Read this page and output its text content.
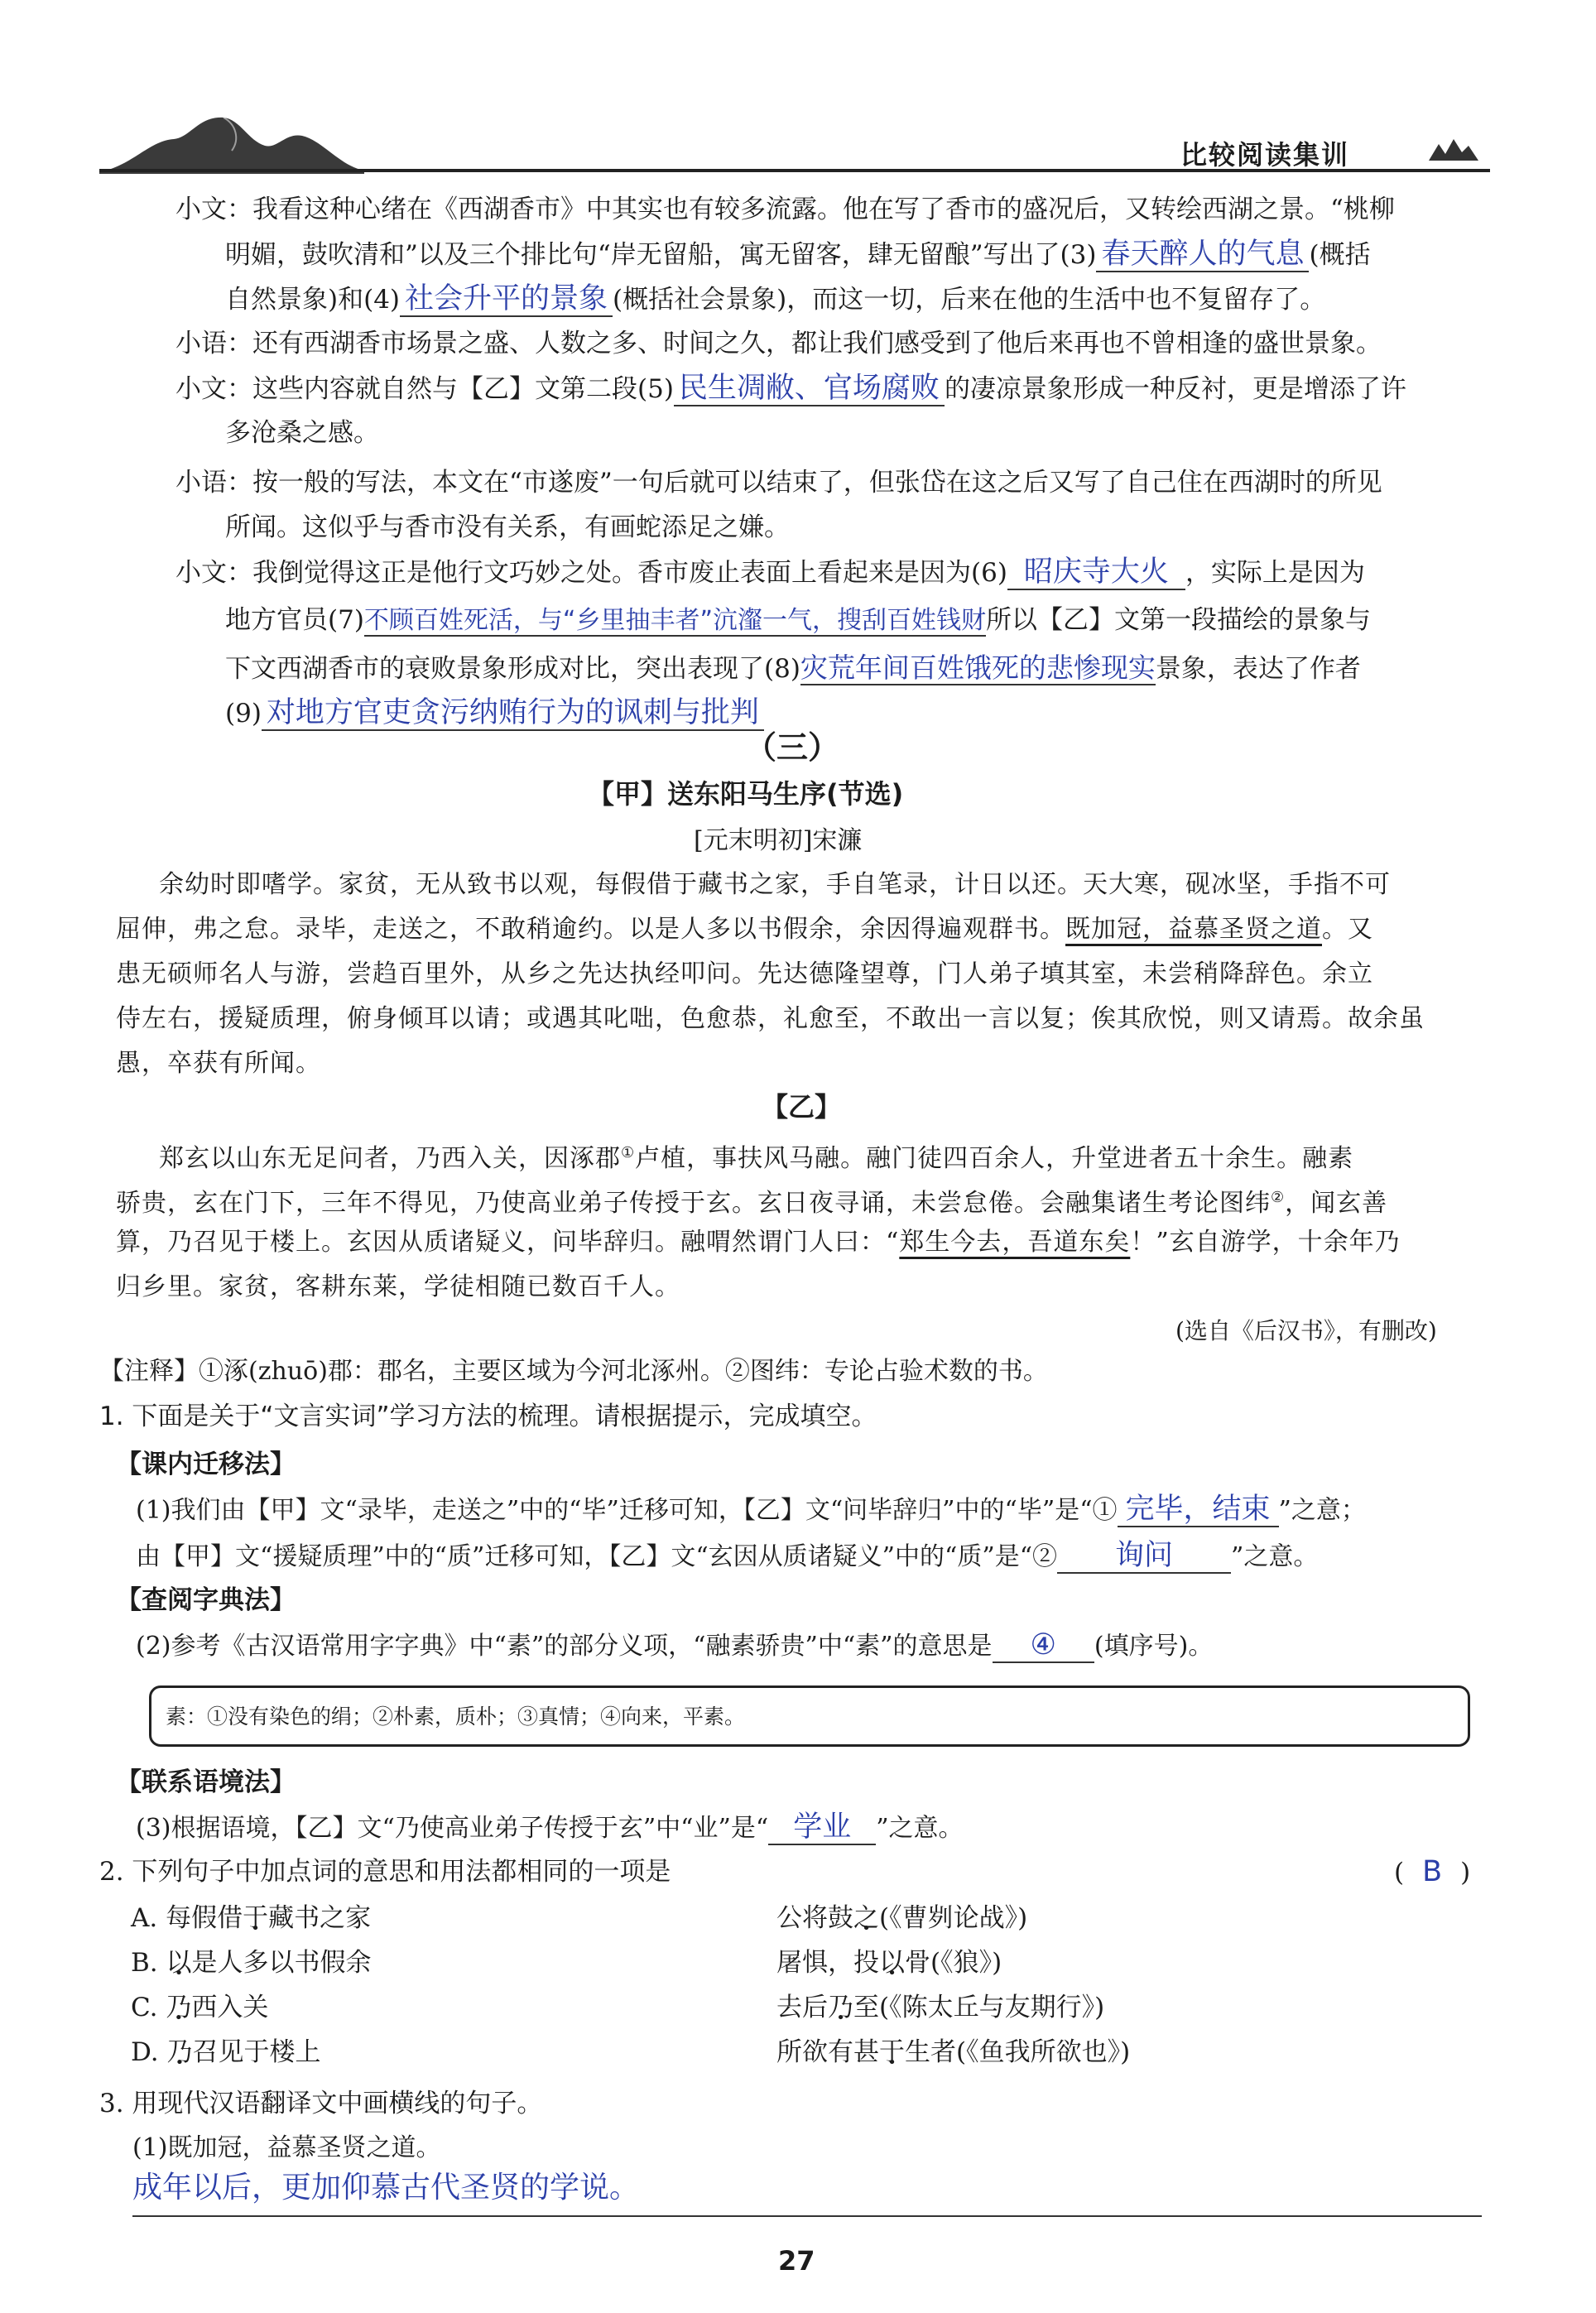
比较阅读集训
小文：我看这种心绪在《西湖香市》中其实也有较多流露。他在写了香市的盛况后，又转绘西湖之景。“桃柳
明媚，鼓吹清和”以及三个排比句“岸无留船，寓无留客，肆无留酿”写出了(3) 春天醉人的气息 (概括
自然景象)和(4) 社会升平的景象 (概括社会景象)，而这一切，后来在他的生活中也不复留存了。
小语：还有西湖香市场景之盛、人数之多、时间之久，都让我们感受到了他后来再也不曾相逢的盛世景象。
小文：这些内容就自然与【乙】文第二段(5) 民生凋敝、官场腐败 的凄凉景象形成一种反衬，更是增添了许
多沧桑之感。
小语：按一般的写法，本文在“市遂废”一句后就可以结束了，但张岱在这之后又写了自己住在西湖时的所见
所闻。这似乎与香市没有关系，有画蛇添足之嫌。
小文：我倒觉得这正是他行文巧妙之处。香市废止表面上看起来是因为(6) 昭庆寺大火 ，实际上是因为
地方官员(7)不顾百姓死活，与“乡里抽丰者”沆瀣一气，搜刮百姓钱财所以【乙】文第一段描绘的景象与
下文西湖香市的衰败景象形成对比，突出表现了(8)灾荒年间百姓饿死的悲惨现实景象，表达了作者
(9) 对地方官吏贪污纳贿行为的讽刺与批判
（三）
【甲】送东阳马生序(节选)
[元末明初]宋濂
余幼时即嗜学。家贫，无从致书以观，每假借于藏书之家，手自笔录，计日以还。天大寒，砚冰坚，手指不可
屈伸，弗之怠。录毕，走送之，不敢稍逾约。以是人多以书假余，余因得遍观群书。既加冠，益慕圣贤之道。又
患无硕师名人与游，尝趋百里外，从乡之先达执经叩问。先达德隆望尊，门人弟子填其室，未尝稍降辞色。余立
侍左右，援疑质理，俯身倾耳以请；或遇其叱咄，色愈恭，礼愈至，不敢出一言以复；俟其欣悦，则又请焉。故余虽
愚，卒获有所闻。
【乙】
郑玄以山东无足问者，乃西入关，因涿郡①卢植，事扶风马融。融门徒四百余人，升堂进者五十余生。融素
骄贵，玄在门下，三年不得见，乃使高业弟子传授于玄。玄日夜寻诵，未尝怠倦。会融集诸生考论图纬②，闻玄善
算，乃召见于楼上。玄因从质诸疑义，问毕辞归。融喟然谓门人曰：“郑生今去，吾道东矣！”玄自游学，十余年乃
归乡里。家贫，客耕东莱，学徒相随已数百千人。
(选自《后汉书》，有删改)
【注释】①涿(zhuō)郡：郡名，主要区域为今河北涿州。②图纬：专论占验术数的书。
1. 下面是关于“文言实词”学习方法的梳理。请根据提示，完成填空。
【课内迁移法】
(1)我们由【甲】文“录毕，走送之”中的“毕”迁移可知，【乙】文“问毕辞归”中的“毕”是“① 完毕，结束 ”之意；
由【甲】文“援疑质理”中的“质”迁移可知，【乙】文“玄因从质诸疑义”中的“质”是“② 询问 ”之意。
【查阅字典法】
(2)参考《古汉语常用字字典》中“素”的部分义项，“融素骄贵”中“素”的意思是 ④ (填序号)。
素：①没有染色的绢；②朴素，质朴；③真情；④向来，平素。
【联系语境法】
(3)根据语境，【乙】文“乃使高业弟子传授于玄”中“业”是“ 学业 ”之意。
2. 下列句子中加点词的意思和用法都相同的一项是	( B )
A. 每假借于藏书之家	公将鼓之(《曹刿论战》)
B. 以是人多以书假余	屠惧，投以骨(《狼》)
C. 乃西入关	去后乃至(《陈太丘与友期行》)
D. 乃召见于楼上	所欲有甚于生者(《鱼我所欲也》)
3. 用现代汉语翻译文中画横线的句子。
(1)既加冠，益慕圣贤之道。
成年以后，更加仰慕古代圣贤的学说。
27
